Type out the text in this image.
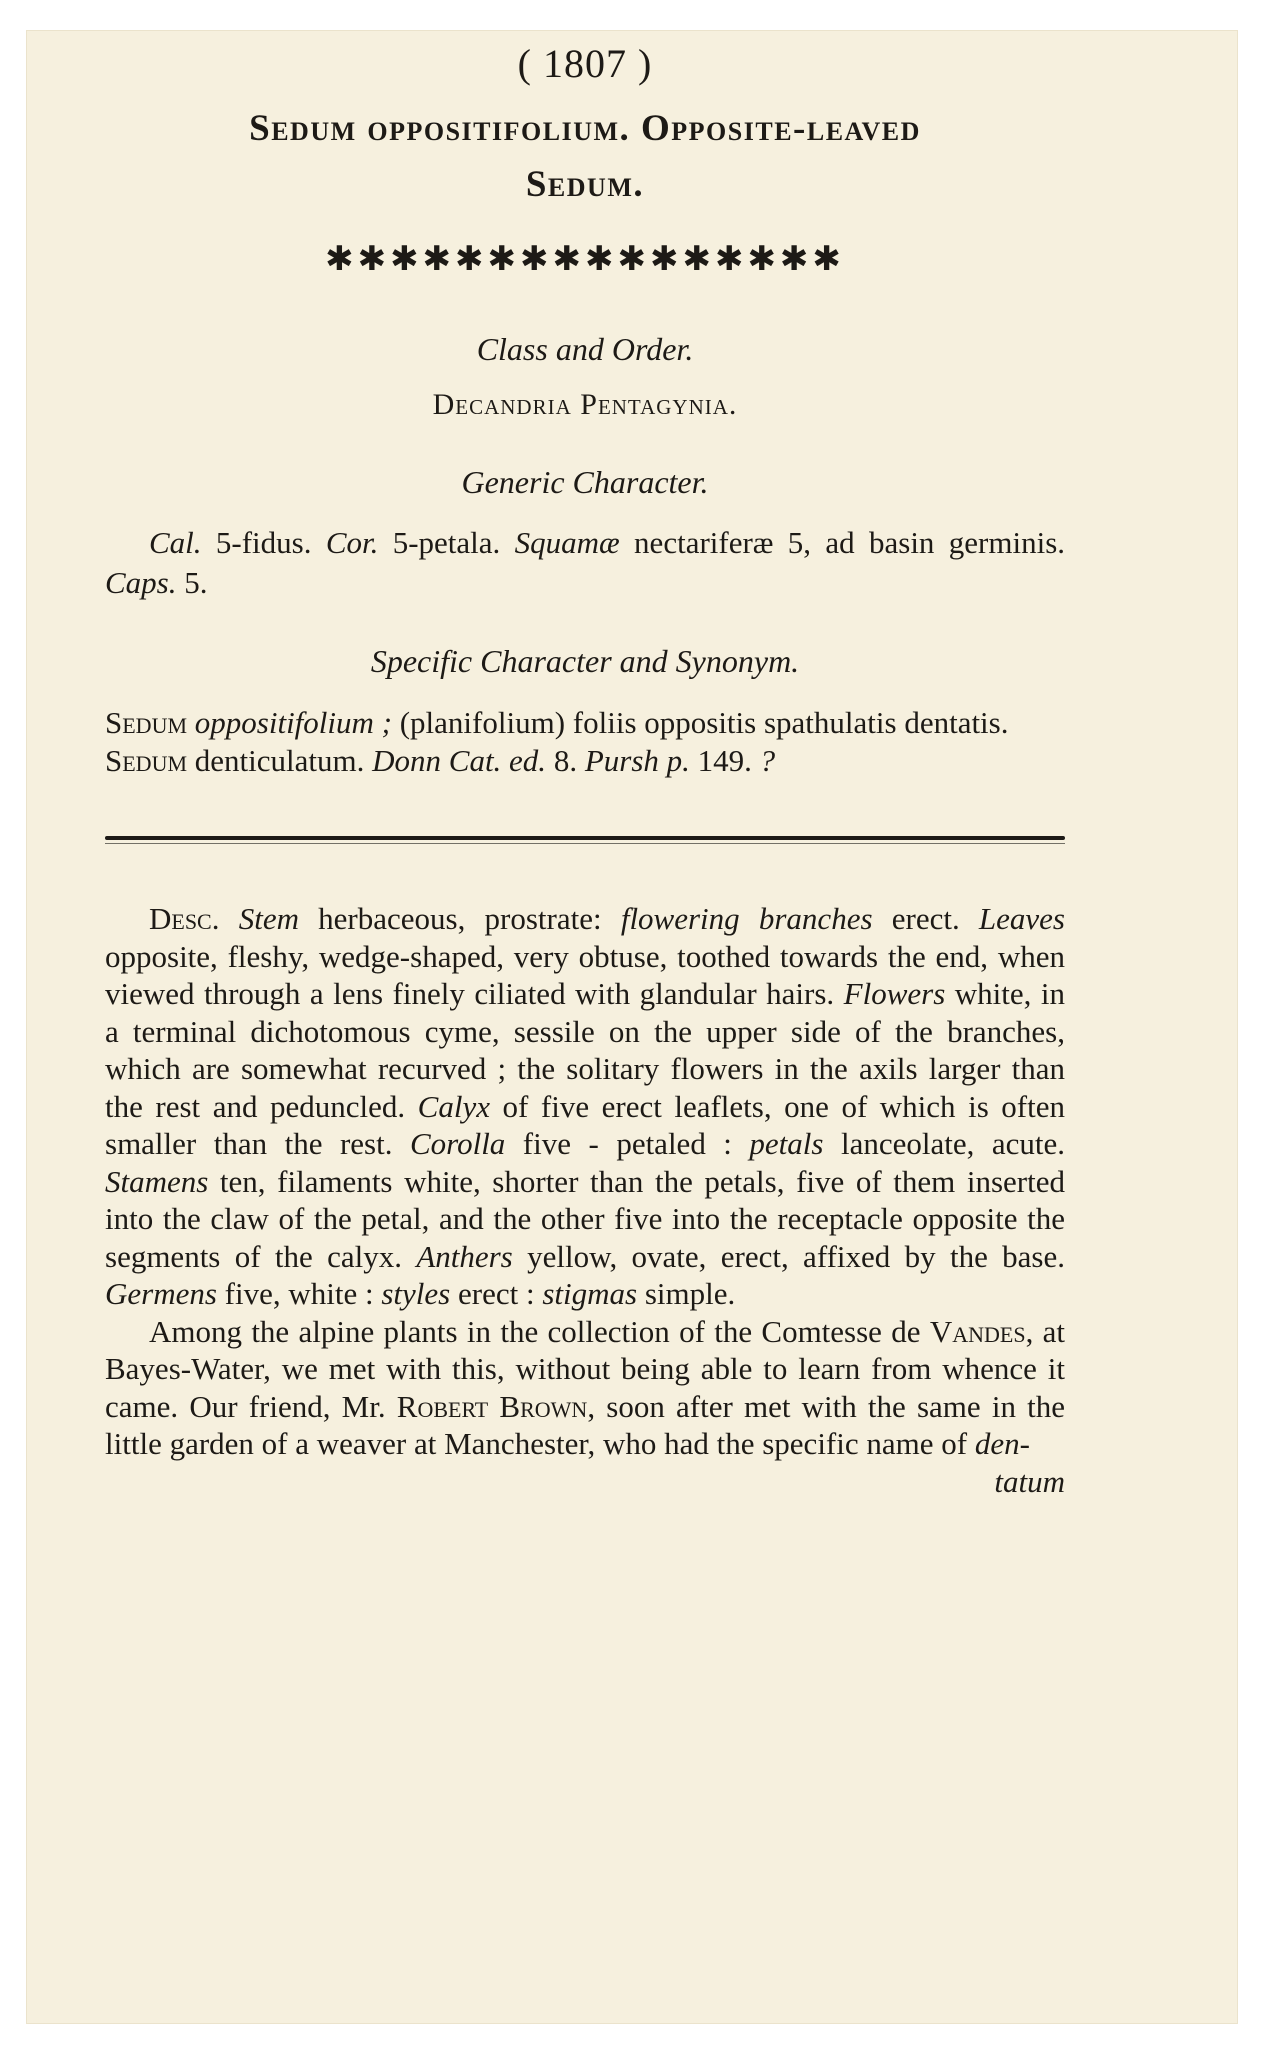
( 1807 )
Sedum oppositifolium. Opposite-leaved
Sedum.
✱✱✱✱✱✱✱✱✱✱✱✱✱✱✱✱
Class and Order.
Decandria Pentagynia.
Generic Character.
Cal. 5-fidus. Cor. 5-petala. Squamæ nectariferæ 5, ad basin germinis. Caps. 5.
Specific Character and Synonym.

Sedum oppositifolium ; (planifolium) foliis oppositis spathulatis dentatis.

Sedum denticulatum. Donn Cat. ed. 8. Pursh p. 149. ?

Desc. Stem herbaceous, prostrate: flowering branches erect. Leaves opposite, fleshy, wedge-shaped, very obtuse, toothed towards the end, when viewed through a lens finely ciliated with glandular hairs. Flowers white, in a terminal dichotomous cyme, sessile on the upper side of the branches, which are somewhat recurved ; the solitary flowers in the axils larger than the rest and peduncled. Calyx of five erect leaflets, one of which is often smaller than the rest. Corolla five - petaled : petals lanceolate, acute. Stamens ten, filaments white, shorter than the petals, five of them inserted into the claw of the petal, and the other five into the receptacle opposite the segments of the calyx. Anthers yellow, ovate, erect, affixed by the base. Germens five, white : styles erect : stigmas simple.

Among the alpine plants in the collection of the Comtesse de Vandes, at Bayes-Water, we met with this, without being able to learn from whence it came. Our friend, Mr. Robert Brown, soon after met with the same in the little garden of a weaver at Manchester, who had the specific name of den-

tatum
